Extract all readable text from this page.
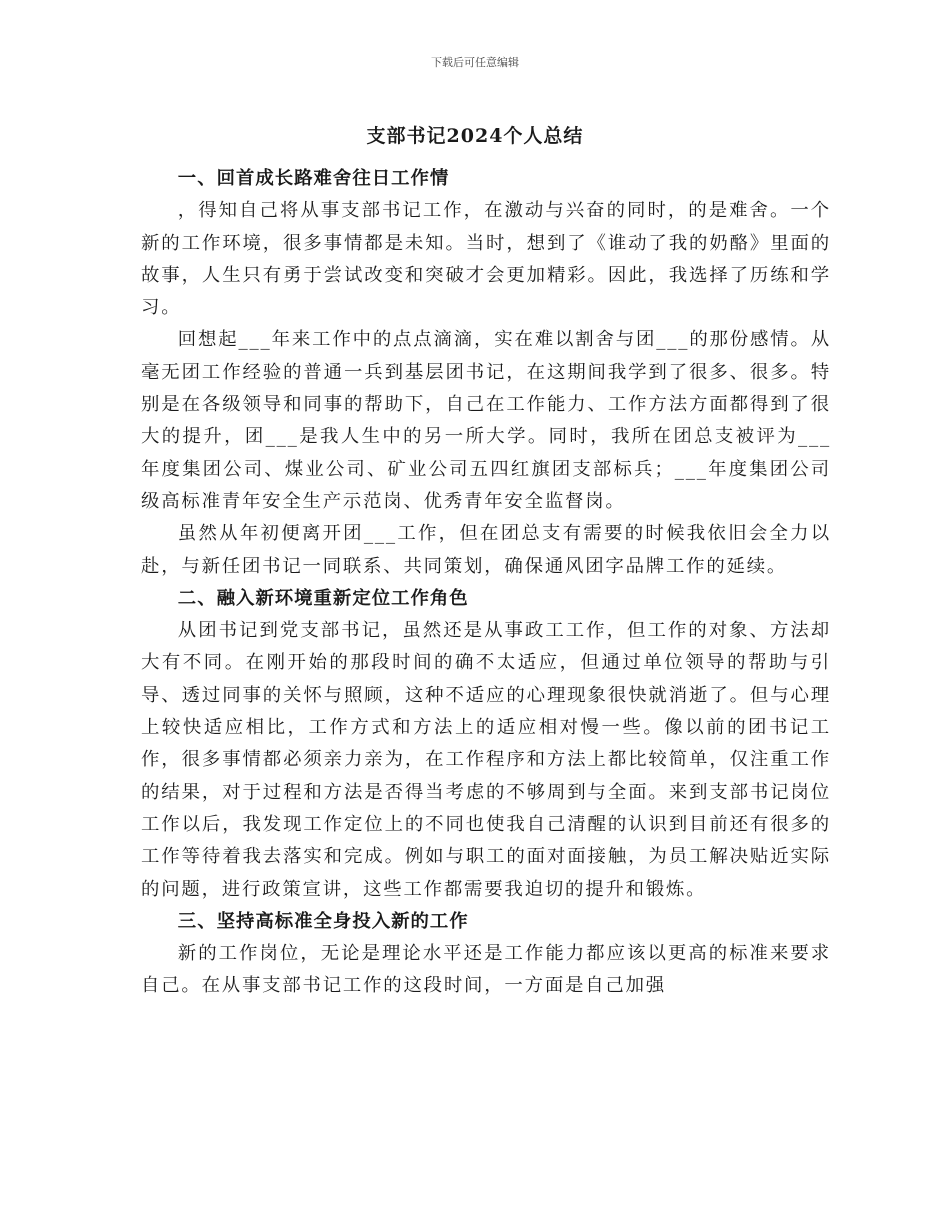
下载后可任意编辑
支部书记2024个人总结
一、回首成长路难舍往日工作情

，得知自己将从事支部书记工作，在激动与兴奋的同时，的是难舍。一个新的工作环境，很多事情都是未知。当时，想到了《谁动了我的奶酪》里面的故事，人生只有勇于尝试改变和突破才会更加精彩。因此，我选择了历练和学习。

回想起___年来工作中的点点滴滴，实在难以割舍与团___的那份感情。从毫无团工作经验的普通一兵到基层团书记，在这期间我学到了很多、很多。特别是在各级领导和同事的帮助下，自己在工作能力、工作方法方面都得到了很大的提升，团___是我人生中的另一所大学。同时，我所在团总支被评为___年度集团公司、煤业公司、矿业公司五四红旗团支部标兵；___年度集团公司级高标准青年安全生产示范岗、优秀青年安全监督岗。

虽然从年初便离开团___工作，但在团总支有需要的时候我依旧会全力以赴，与新任团书记一同联系、共同策划，确保通风团字品牌工作的延续。

二、融入新环境重新定位工作角色

从团书记到党支部书记，虽然还是从事政工工作，但工作的对象、方法却大有不同。在刚开始的那段时间的确不太适应，但通过单位领导的帮助与引导、透过同事的关怀与照顾，这种不适应的心理现象很快就消逝了。但与心理上较快适应相比，工作方式和方法上的适应相对慢一些。像以前的团书记工作，很多事情都必须亲力亲为，在工作程序和方法上都比较简单，仅注重工作的结果，对于过程和方法是否得当考虑的不够周到与全面。来到支部书记岗位工作以后，我发现工作定位上的不同也使我自己清醒的认识到目前还有很多的工作等待着我去落实和完成。例如与职工的面对面接触，为员工解决贴近实际的问题，进行政策宣讲，这些工作都需要我迫切的提升和锻炼。

三、坚持高标准全身投入新的工作

新的工作岗位，无论是理论水平还是工作能力都应该以更高的标准来要求自己。在从事支部书记工作的这段时间，一方面是自己加强
